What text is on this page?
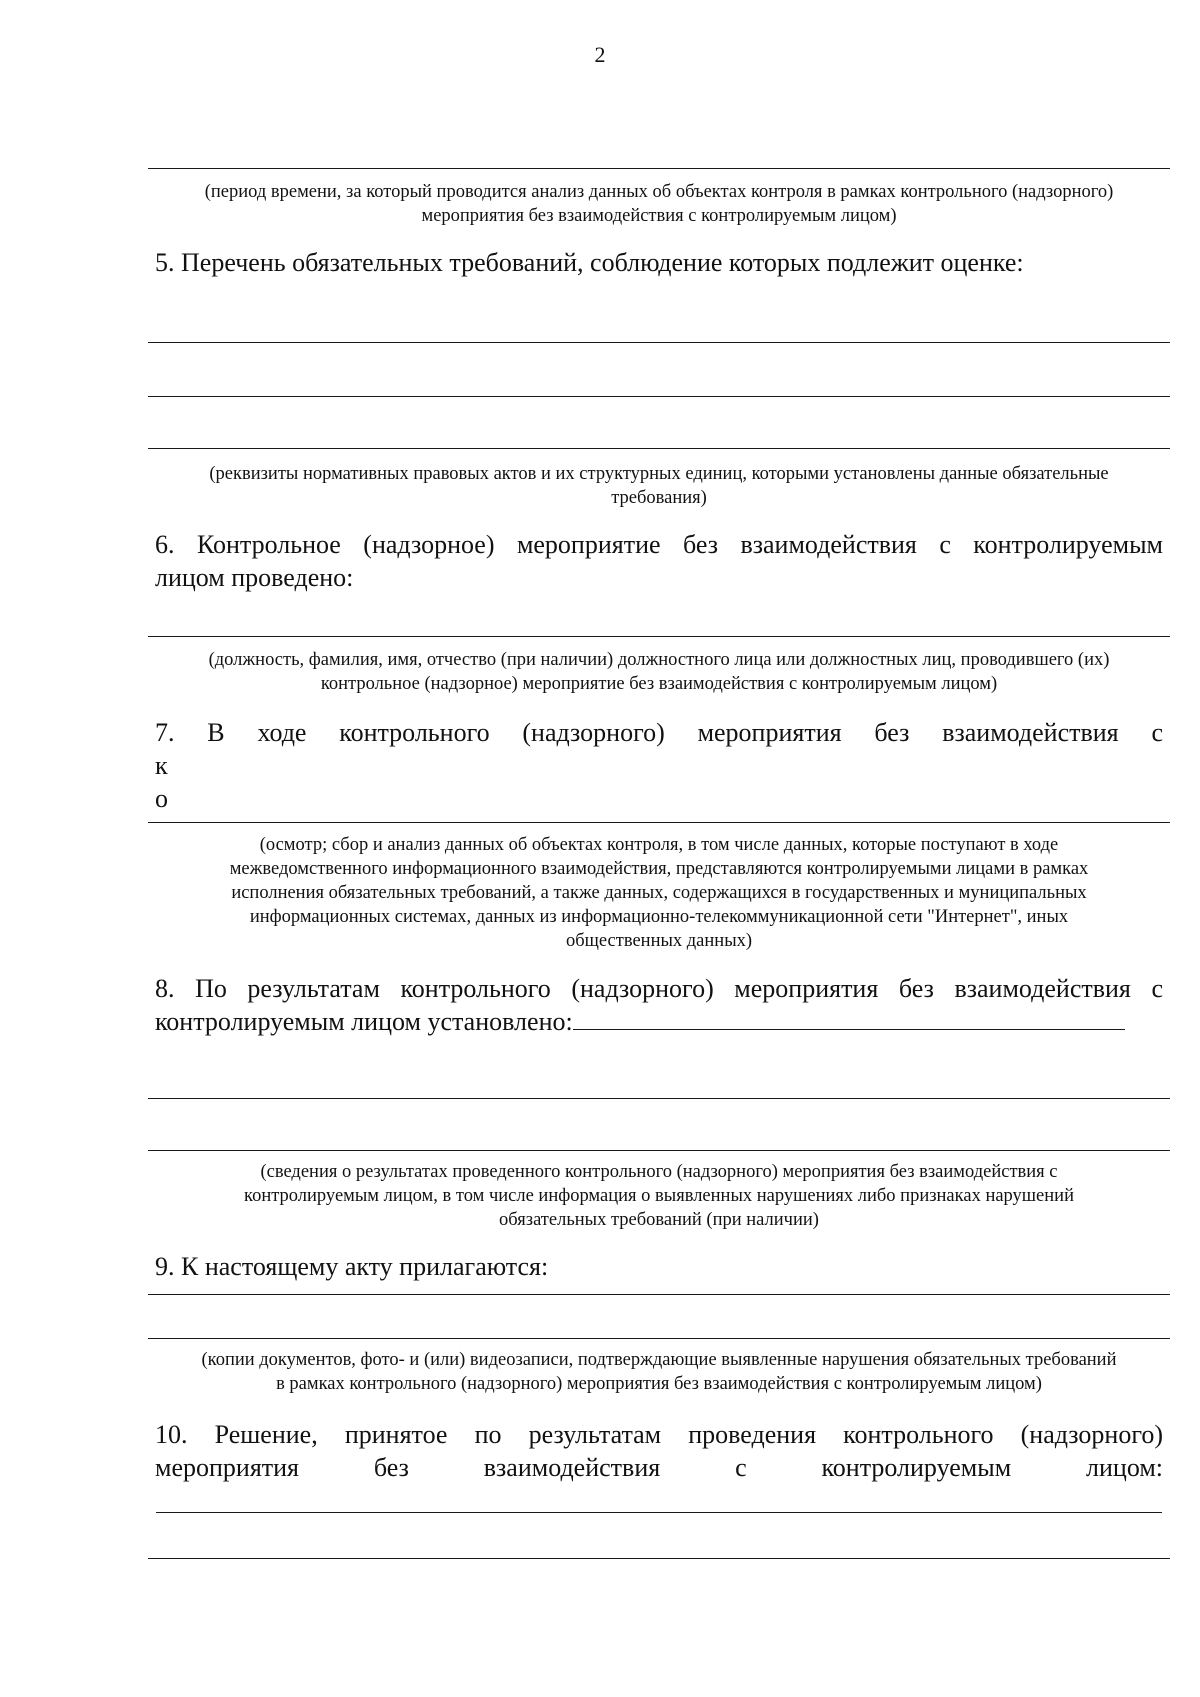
2
(период времени, за который проводится анализ данных об объектах контроля в рамках контрольного (надзорного)
мероприятия без взаимодействия с контролируемым лицом)
5. Перечень обязательных требований, соблюдение которых подлежит оценке:
(реквизиты нормативных правовых актов и их структурных единиц, которыми установлены данные обязательные
требования)
6. Контрольное (надзорное) мероприятие без взаимодействия с контролируемым
лицом проведено:
(должность, фамилия, имя, отчество (при наличии) должностного лица или должностных лиц, проводившего (их)
контрольное (надзорное) мероприятие без взаимодействия с контролируемым лицом)
7. В ходе контрольного (надзорного) мероприятия без взаимодействия с
к
о
(осмотр; сбор и анализ данных об объектах контроля, в том числе данных, которые поступают в ходе
межведомственного информационного взаимодействия, представляются контролируемыми лицами в рамках
исполнения обязательных требований, а также данных, содержащихся в государственных и муниципальных
информационных системах, данных из информационно-телекоммуникационной сети "Интернет", иных
общественных данных)
8. По результатам контрольного (надзорного) мероприятия без взаимодействия с
контролируемым лицом установлено:
(сведения о результатах проведенного контрольного (надзорного) мероприятия без взаимодействия с
контролируемым лицом, в том числе информация о выявленных нарушениях либо признаках нарушений
обязательных требований (при наличии)
9. К настоящему акту прилагаются:
(копии документов, фото- и (или) видеозаписи, подтверждающие выявленные нарушения обязательных требований
в рамках контрольного (надзорного) мероприятия без взаимодействия с контролируемым лицом)
10. Решение, принятое по результатам проведения контрольного (надзорного)
мероприятия	без	взаимодействия	с	контролируемым	лицом:
